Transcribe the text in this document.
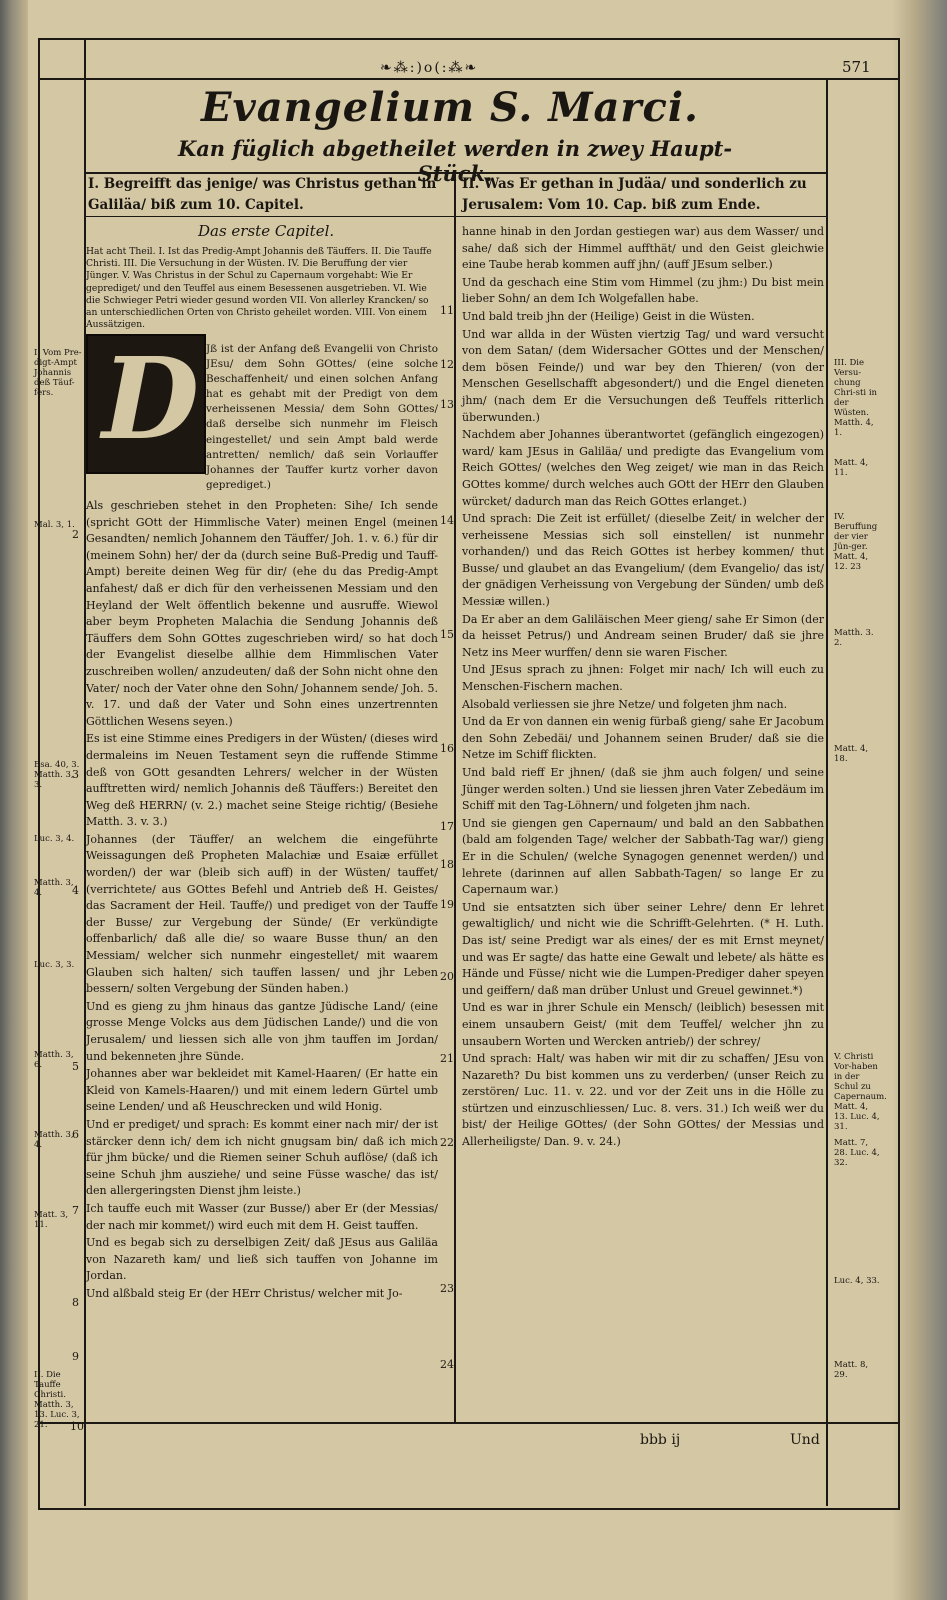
❧⁂:)o(:⁂❧	571
Evangelium S. Marci.
Kan füglich abgetheilet werden in zwey Haupt-Stück.
I. Begreifft das jenige/ was Christus gethan in Galiläa/ biß zum 10. Capitel.
II. Was Er gethan in Judäa/ und sonderlich zu Jerusalem: Vom 10. Cap. biß zum Ende.
Das erste Capitel.
Hat acht Theil. I. Ist das Predig-Ampt Johannis deß Täuffers. II. Die Tauffe Christi. III. Die Versuchung in der Wüsten. IV. Die Beruffung der vier Jünger. V. Was Christus in der Schul zu Capernaum vorgehabt: Wie Er geprediget/ und den Teuffel aus einem Besessenen ausgetrieben. VI. Wie die Schwieger Petri wieder gesund worden VII. Von allerley Krancken/ so an unterschiedlichen Orten von Christo geheilet worden. VIII. Von einem Aussätzigen.
D Jß ist der Anfang deß Evangelii von Christo JEsu/ dem Sohn GOttes/ (eine solche Beschaffenheit/ und einen solchen Anfang hat es gehabt mit der Predigt von dem verheissenen Messia/ dem Sohn GOttes/ daß derselbe sich nunmehr im Fleisch eingestellet/ und sein Ampt bald werde antretten/ nemlich/ daß sein Vorlauffer Johannes der Tauffer kurtz vorher davon geprediget.)

Als geschrieben stehet in den Propheten: Sihe/ Ich sende (spricht GOtt der Himmlische Vater) meinen Engel (meinen Gesandten/ nemlich Johannem den Täuffer/ Joh. 1. v. 6.) für dir (meinem Sohn) her/ der da (durch seine Buß-Predig und Tauff-Ampt) bereite deinen Weg für dir/ (ehe du das Predig-Ampt anfahest/ daß er dich für den verheissenen Messiam und den Heyland der Welt öffentlich bekenne und ausruffe. Wiewol aber beym Propheten Malachia die Sendung Johannis deß Täuffers dem Sohn GOttes zugeschrieben wird/ so hat doch der Evangelist dieselbe allhie dem Himmlischen Vater zuschreiben wollen/ anzudeuten/ daß der Sohn nicht ohne den Vater/ noch der Vater ohne den Sohn/ Johannem sende/ Joh. 5. v. 17. und daß der Vater und Sohn eines unzertrennten Göttlichen Wesens seyen.)

Es ist eine Stimme eines Predigers in der Wüsten/ (dieses wird dermaleins im Neuen Testament seyn die ruffende Stimme deß von GOtt gesandten Lehrers/ welcher in der Wüsten aufftretten wird/ nemlich Johannis deß Täuffers:) Bereitet den Weg deß HERRN/ (v. 2.) machet seine Steige richtig/ (Besiehe Matth. 3. v. 3.)

Johannes (der Täuffer/ an welchem die eingeführte Weissagungen deß Propheten Malachiæ und Esaiæ erfüllet worden/) der war (bleib sich auff) in der Wüsten/ tauffet/ (verrichtete/ aus GOttes Befehl und Antrieb deß H. Geistes/ das Sacrament der Heil. Tauffe/) und prediget von der Tauffe der Busse/ zur Vergebung der Sünde/ (Er verkündigte offenbarlich/ daß alle die/ so waare Busse thun/ an den Messiam/ welcher sich nunmehr eingestellet/ mit waarem Glauben sich halten/ sich tauffen lassen/ und jhr Leben bessern/ solten Vergebung der Sünden haben.)

Und es gieng zu jhm hinaus das gantze Jüdische Land/ (eine grosse Menge Volcks aus dem Jüdischen Lande/) und die von Jerusalem/ und liessen sich alle von jhm tauffen im Jordan/ und bekenneten jhre Sünde.

Johannes aber war bekleidet mit Kamel-Haaren/ (Er hatte ein Kleid von Kamels-Haaren/) und mit einem ledern Gürtel umb seine Lenden/ und aß Heuschrecken und wild Honig.

Und er prediget/ und sprach: Es kommt einer nach mir/ der ist stärcker denn ich/ dem ich nicht gnugsam bin/ daß ich mich für jhm bücke/ und die Riemen seiner Schuh auflöse/ (daß ich seine Schuh jhm ausziehe/ und seine Füsse wasche/ das ist/ den allergeringsten Dienst jhm leiste.)

Ich tauffe euch mit Wasser (zur Busse/) aber Er (der Messias/ der nach mir kommet/) wird euch mit dem H. Geist tauffen.

Und es begab sich zu derselbigen Zeit/ daß JEsus aus Galiläa von Nazareth kam/ und ließ sich tauffen von Johanne im Jordan.

Und alßbald steig Er (der HErr Christus/ welcher mit Jo-

hanne hinab in den Jordan gestiegen war) aus dem Wasser/ und sahe/ daß sich der Himmel auffthät/ und den Geist gleichwie eine Taube herab kommen auff jhn/ (auff JEsum selber.)

Und da geschach eine Stim vom Himmel (zu jhm:) Du bist mein lieber Sohn/ an dem Ich Wolgefallen habe.

Und bald treib jhn der (Heilige) Geist in die Wüsten.

Und war allda in der Wüsten viertzig Tag/ und ward versucht von dem Satan/ (dem Widersacher GOttes und der Menschen/ dem bösen Feinde/) und war bey den Thieren/ (von der Menschen Gesellschafft abgesondert/) und die Engel dieneten jhm/ (nach dem Er die Versuchungen deß Teuffels ritterlich überwunden.)

Nachdem aber Johannes überantwortet (gefänglich eingezogen) ward/ kam JEsus in Galiläa/ und predigte das Evangelium vom Reich GOttes/ (welches den Weg zeiget/ wie man in das Reich GOttes komme/ durch welches auch GOtt der HErr den Glauben würcket/ dadurch man das Reich GOttes erlanget.)

Und sprach: Die Zeit ist erfüllet/ (dieselbe Zeit/ in welcher der verheissene Messias sich soll einstellen/ ist nunmehr vorhanden/) und das Reich GOttes ist herbey kommen/ thut Busse/ und glaubet an das Evangelium/ (dem Evangelio/ das ist/ der gnädigen Verheissung von Vergebung der Sünden/ umb deß Messiæ willen.)

Da Er aber an dem Galiläischen Meer gieng/ sahe Er Simon (der da heisset Petrus/) und Andream seinen Bruder/ daß sie jhre Netz ins Meer wurffen/ denn sie waren Fischer.

Und JEsus sprach zu jhnen: Folget mir nach/ Ich will euch zu Menschen-Fischern machen.

Alsobald verliessen sie jhre Netze/ und folgeten jhm nach.

Und da Er von dannen ein wenig fürbaß gieng/ sahe Er Jacobum den Sohn Zebedäi/ und Johannem seinen Bruder/ daß sie die Netze im Schiff flickten.

Und bald rieff Er jhnen/ (daß sie jhm auch folgen/ und seine Jünger werden solten.) Und sie liessen jhren Vater Zebedäum im Schiff mit den Tag-Löhnern/ und folgeten jhm nach.

Und sie giengen gen Capernaum/ und bald an den Sabbathen (bald am folgenden Tage/ welcher der Sabbath-Tag war/) gieng Er in die Schulen/ (welche Synagogen genennet werden/) und lehrete (darinnen auf allen Sabbath-Tagen/ so lange Er zu Capernaum war.)

Und sie entsatzten sich über seiner Lehre/ denn Er lehret gewaltiglich/ und nicht wie die Schrifft-Gelehrten. (* H. Luth. Das ist/ seine Predigt war als eines/ der es mit Ernst meynet/ und was Er sagte/ das hatte eine Gewalt und lebete/ als hätte es Hände und Füsse/ nicht wie die Lumpen-Prediger daher speyen und geiffern/ daß man drüber Unlust und Greuel gewinnet.*)

Und es war in jhrer Schule ein Mensch/ (leiblich) besessen mit einem unsaubern Geist/ (mit dem Teuffel/ welcher jhn zu unsaubern Worten und Wercken antrieb/) der schrey/

Und sprach: Halt/ was haben wir mit dir zu schaffen/ JEsu von Nazareth? Du bist kommen uns zu verderben/ (unser Reich zu zerstören/ Luc. 11. v. 22. und vor der Zeit uns in die Hölle zu stürtzen und einzuschliessen/ Luc. 8. vers. 31.) Ich weiß wer du bist/ der Heilige GOttes/ (der Sohn GOttes/ der Messias und Allerheiligste/ Dan. 9. v. 24.)

2
3
4
5
6
7
8
9
10
11
12
13
14
15
16
17
18
19
20
21
22
23
24
I. Vom Pre-digt-Ampt Johannis deß Täuf-fers.
Mal. 3, 1.
Esa. 40, 3. Matth. 3, 3.
Luc. 3, 4.
Matth. 3, 4.
Luc. 3, 3.
Matth. 3, 6.
Matth. 3, 4.
Matt. 3, 11.
II. Die Tauffe Christi. Matth. 3, 13. Luc. 3, 21.
III. Die Versu-chung Chri-sti in der Wüsten. Matth. 4, 1.
Matt. 4, 11.
IV. Beruffung der vier Jün-ger. Matt. 4, 12. 23
Matth. 3. 2.
Matt. 4, 18.
V. Christi Vor-haben in der Schul zu Capernaum. Matt. 4, 13. Luc. 4, 31.
Matt. 7, 28. Luc. 4, 32.
Luc. 4, 33.
Matt. 8, 29.
bbb ij	Und
